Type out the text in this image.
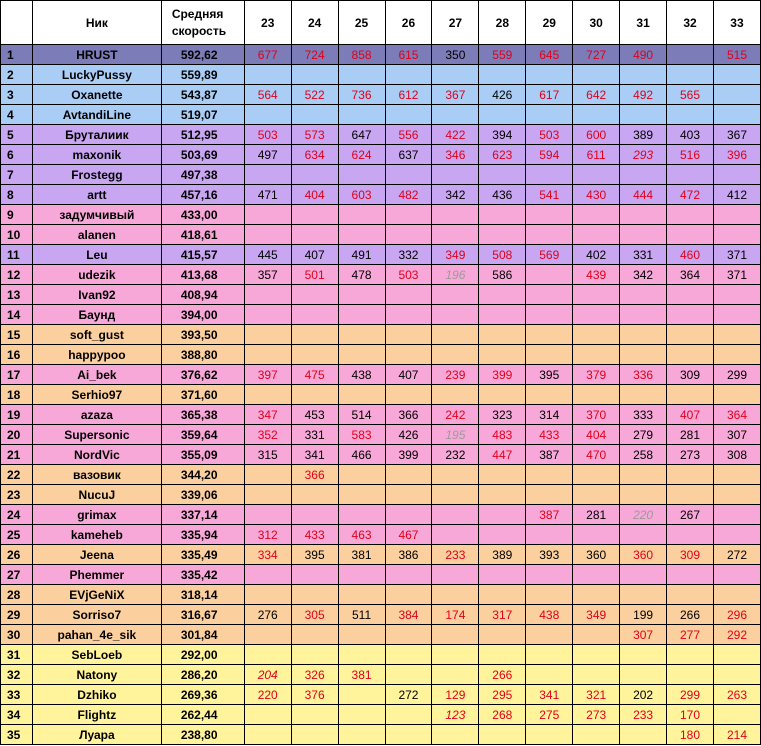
	Ник	Средняя скорость	23	24	25	26	27	28	29	30	31	32	33
1	HRUST	592,62	677	724	858	615	350	559	645	727	490		515
2	LuckyPussy	559,89											
3	Oxanette	543,87	564	522	736	612	367	426	617	642	492	565	
4	AvtandiLine	519,07											
5	Бруталиик	512,95	503	573	647	556	422	394	503	600	389	403	367
6	maxonik	503,69	497	634	624	637	346	623	594	611	293	516	396
7	Frostegg	497,38											
8	artt	457,16	471	404	603	482	342	436	541	430	444	472	412
9	задумчивый	433,00											
10	alanen	418,61											
11	Leu	415,57	445	407	491	332	349	508	569	402	331	460	371
12	udezik	413,68	357	501	478	503	196	586		439	342	364	371
13	Ivan92	408,94											
14	Баунд	394,00											
15	soft_gust	393,50											
16	happypoo	388,80											
17	Ai_bek	376,62	397	475	438	407	239	399	395	379	336	309	299
18	Serhio97	371,60											
19	azaza	365,38	347	453	514	366	242	323	314	370	333	407	364
20	Supersonic	359,64	352	331	583	426	195	483	433	404	279	281	307
21	NordVic	355,09	315	341	466	399	232	447	387	470	258	273	308
22	вазовик	344,20		366									
23	NucuJ	339,06											
24	grimax	337,14							387	281	220	267	
25	kameheb	335,94	312	433	463	467							
26	Jeena	335,49	334	395	381	386	233	389	393	360	360	309	272
27	Phemmer	335,42											
28	EVjGeNiX	318,14											
29	Sorriso7	316,67	276	305	511	384	174	317	438	349	199	266	296
30	pahan_4e_sik	301,84									307	277	292
31	SebLoeb	292,00											
32	Natony	286,20	204	326	381			266					
33	Dzhiko	269,36	220	376		272	129	295	341	321	202	299	263
34	Flightz	262,44					123	268	275	273	233	170	
35	Луара	238,80										180	214
